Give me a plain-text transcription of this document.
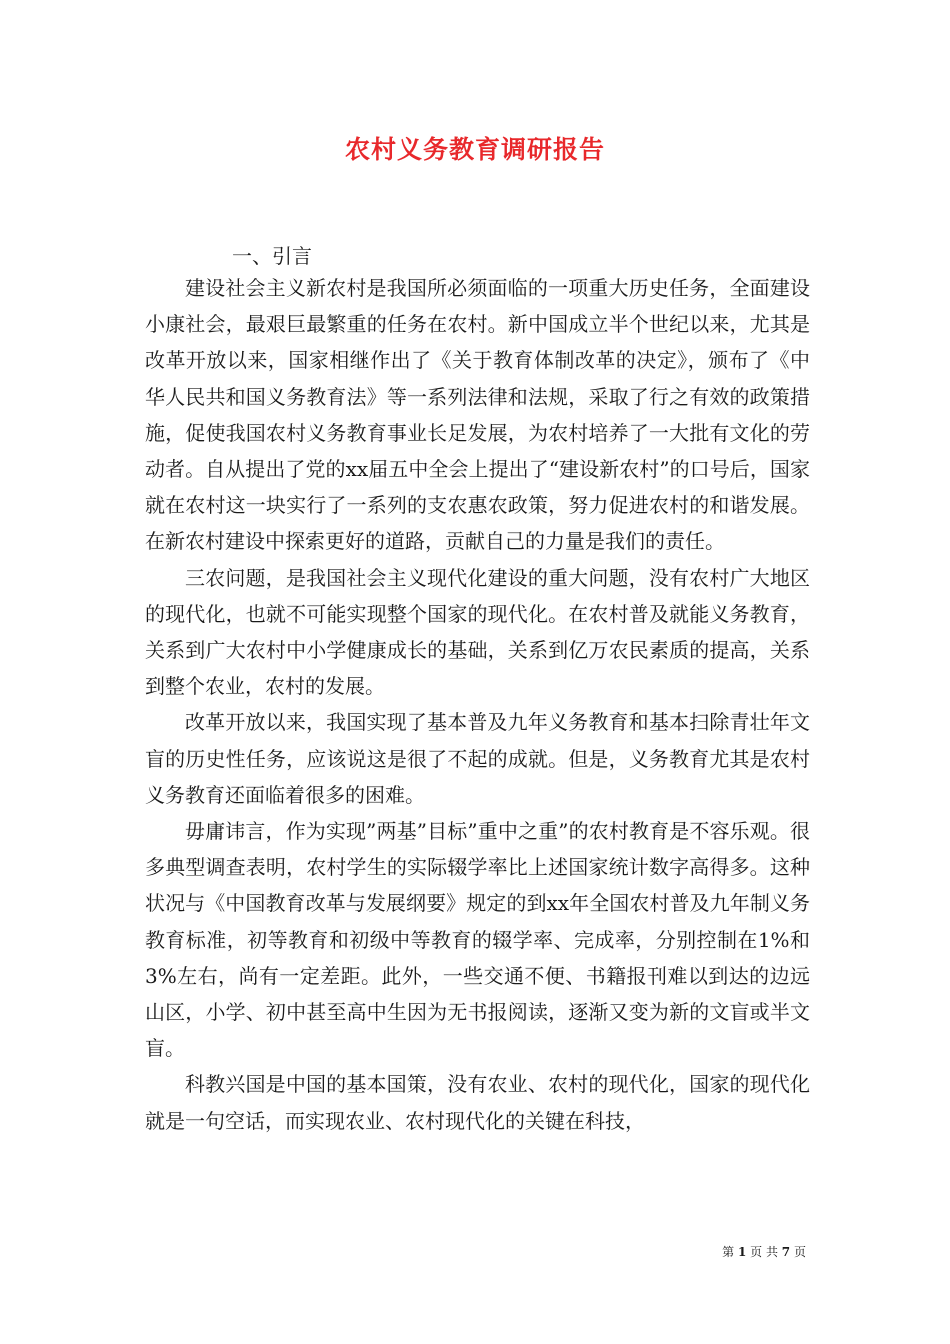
农村义务教育调研报告
一、引言

建设社会主义新农村是我国所必须面临的一项重大历史任务，全面建设小康社会，最艰巨最繁重的任务在农村。新中国成立半个世纪以来，尤其是改革开放以来，国家相继作出了《关于教育体制改革的决定》，颁布了《中华人民共和国义务教育法》等一系列法律和法规，采取了行之有效的政策措施，促使我国农村义务教育事业长足发展，为农村培养了一大批有文化的劳动者。自从提出了党的xx届五中全会上提出了“建设新农村”的口号后，国家就在农村这一块实行了一系列的支农惠农政策，努力促进农村的和谐发展。在新农村建设中探索更好的道路，贡献自己的力量是我们的责任。

三农问题，是我国社会主义现代化建设的重大问题，没有农村广大地区的现代化，也就不可能实现整个国家的现代化。在农村普及就能义务教育，关系到广大农村中小学健康成长的基础，关系到亿万农民素质的提高，关系到整个农业，农村的发展。

改革开放以来，我国实现了基本普及九年义务教育和基本扫除青壮年文盲的历史性任务，应该说这是很了不起的成就。但是，义务教育尤其是农村义务教育还面临着很多的困难。

毋庸讳言，作为实现”两基”目标”重中之重”的农村教育是不容乐观。很多典型调查表明，农村学生的实际辍学率比上述国家统计数字高得多。这种状况与《中国教育改革与发展纲要》规定的到xx年全国农村普及九年制义务教育标准，初等教育和初级中等教育的辍学率、完成率，分别控制在1%和3%左右，尚有一定差距。此外，一些交通不便、书籍报刊难以到达的边远山区，小学、初中甚至高中生因为无书报阅读，逐渐又变为新的文盲或半文盲。

科教兴国是中国的基本国策，没有农业、农村的现代化，国家的现代化就是一句空话，而实现农业、农村现代化的关键在科技，

第 1 页 共 7 页
